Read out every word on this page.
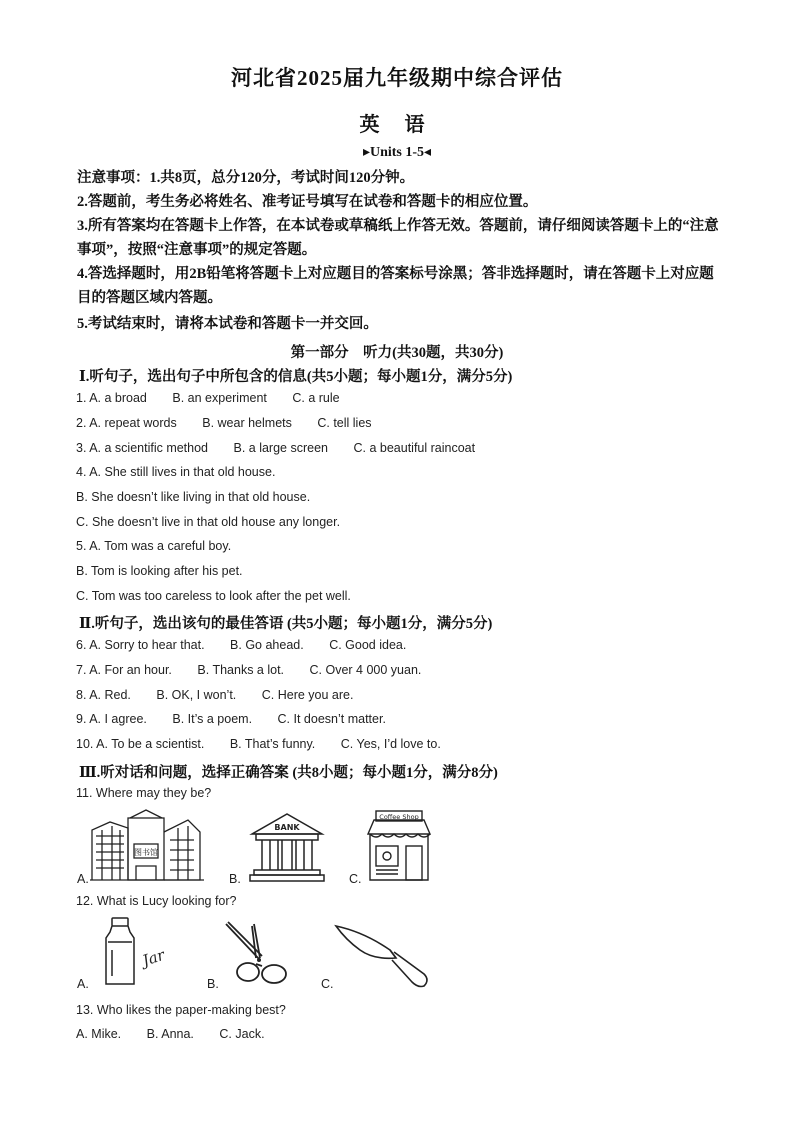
河北省2025届九年级期中综合评估
英 语
▸Units 1-5◂
注意事项：1.共8页，总分120分，考试时间120分钟。
2.答题前，考生务必将姓名、准考证号填写在试卷和答题卡的相应位置。
3.所有答案均在答题卡上作答，在本试卷或草稿纸上作答无效。答题前，请仔细阅读答题卡上的“注意事项”，按照“注意事项”的规定答题。
4.答选择题时，用2B铅笔将答题卡上对应题目的答案标号涂黑；答非选择题时，请在答题卡上对应题目的答题区域内答题。
5.考试结束时，请将本试卷和答题卡一并交回。
第一部分　听力(共30题，共30分)
Ⅰ.听句子，选出句子中所包含的信息(共5小题；每小题1分，满分5分)
1. A. a broad B. an experiment C. a rule
2. A. repeat words B. wear helmets C. tell lies
3. A. a scientific method B. a large screen C. a beautiful raincoat
4. A. She still lives in that old house.
B. She doesn’t like living in that old house.
C. She doesn’t live in that old house any longer.
5. A. Tom was a careful boy.
B. Tom is looking after his pet.
C. Tom was too careless to look after the pet well.
Ⅱ.听句子，选出该句的最佳答语 (共5小题；每小题1分，满分5分)
6. A. Sorry to hear that. B. Go ahead. C. Good idea.
7. A. For an hour. B. Thanks a lot. C. Over 4 000 yuan.
8. A. Red. B. OK, I won’t. C. Here you are.
9. A. I agree. B. It’s a poem. C. It doesn’t matter.
10. A. To be a scientist. B. That’s funny. C. Yes, I’d love to.
Ⅲ.听对话和问题，选择正确答案 (共8小题；每小题1分，满分8分)
11. Where may they be?
图书馆
A.
BANK
B.
Coffee Shop
C.
12. What is Lucy looking for?
Jar
A.	B.	C.
13. Who likes the paper-making best?
A. Mike. B. Anna. C. Jack.
